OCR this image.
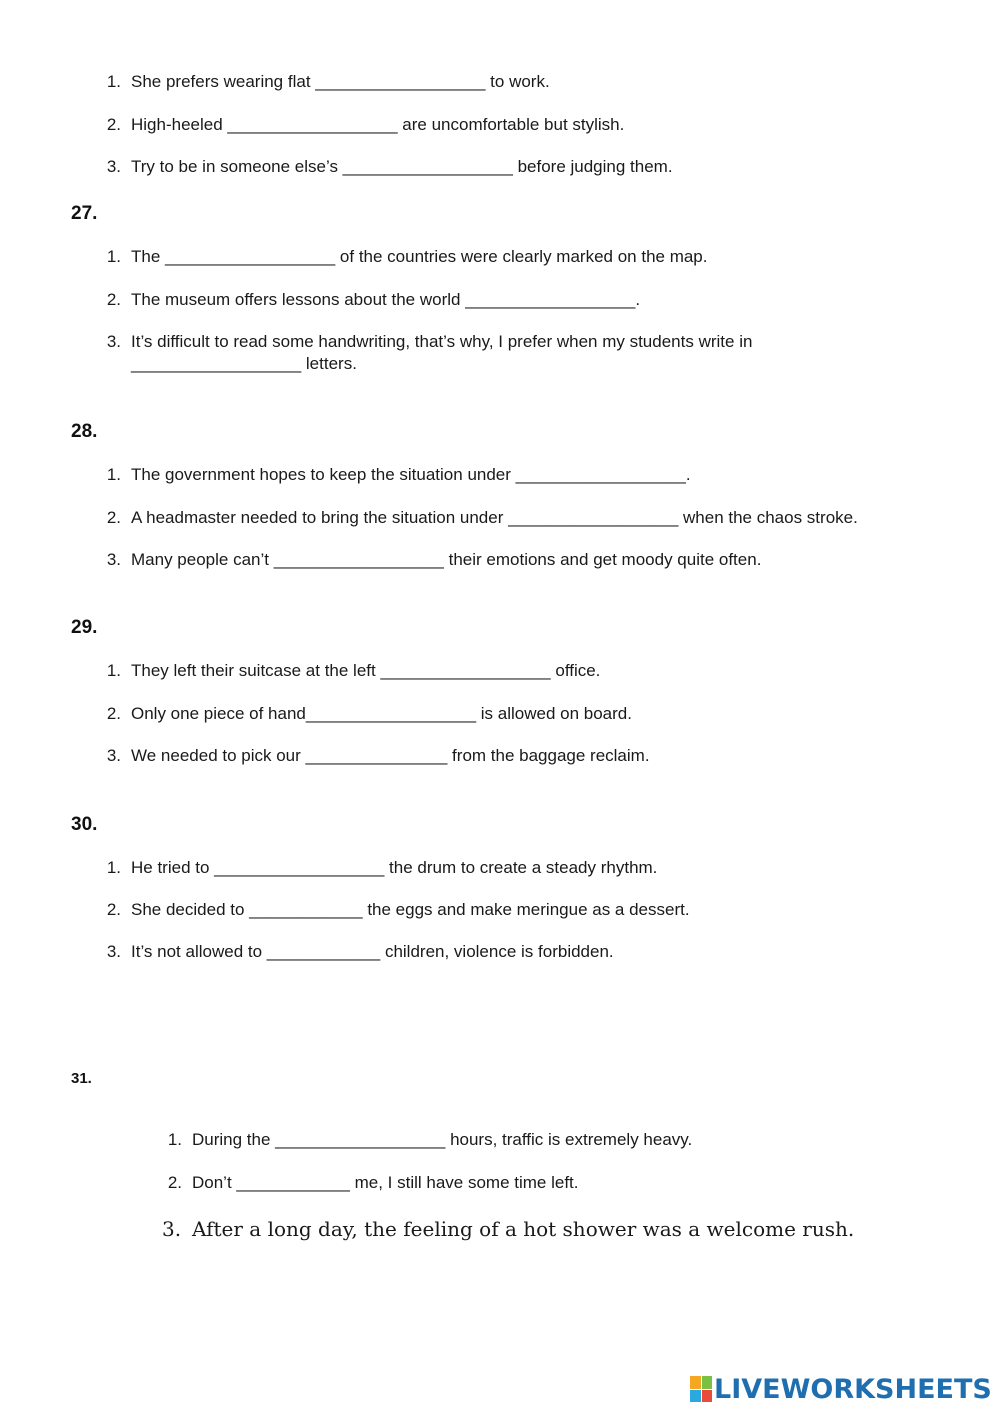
1. She prefers wearing flat __________________ to work.
2. High-heeled __________________ are uncomfortable but stylish.
3. Try to be in someone else’s __________________ before judging them.
27.
1. The __________________ of the countries were clearly marked on the map.
2. The museum offers lessons about the world __________________.
3. It’s difficult to read some handwriting, that’s why, I prefer when my students write in __________________ letters.
28.
1. The government hopes to keep the situation under __________________.
2. A headmaster needed to bring the situation under __________________ when the chaos stroke.
3. Many people can’t __________________ their emotions and get moody quite often.
29.
1. They left their suitcase at the left __________________ office.
2. Only one piece of hand__________________ is allowed on board.
3. We needed to pick our _______________ from the baggage reclaim.
30.
1. He tried to __________________ the drum to create a steady rhythm.
2. She decided to ____________ the eggs and make meringue as a dessert.
3. It’s not allowed to ____________ children, violence is forbidden.
31.
1. During the __________________ hours, traffic is extremely heavy.
2. Don’t ____________ me, I still have some time left.
3. After a long day, the feeling of a hot shower was a welcome rush.
LIVEWORKSHEETS
